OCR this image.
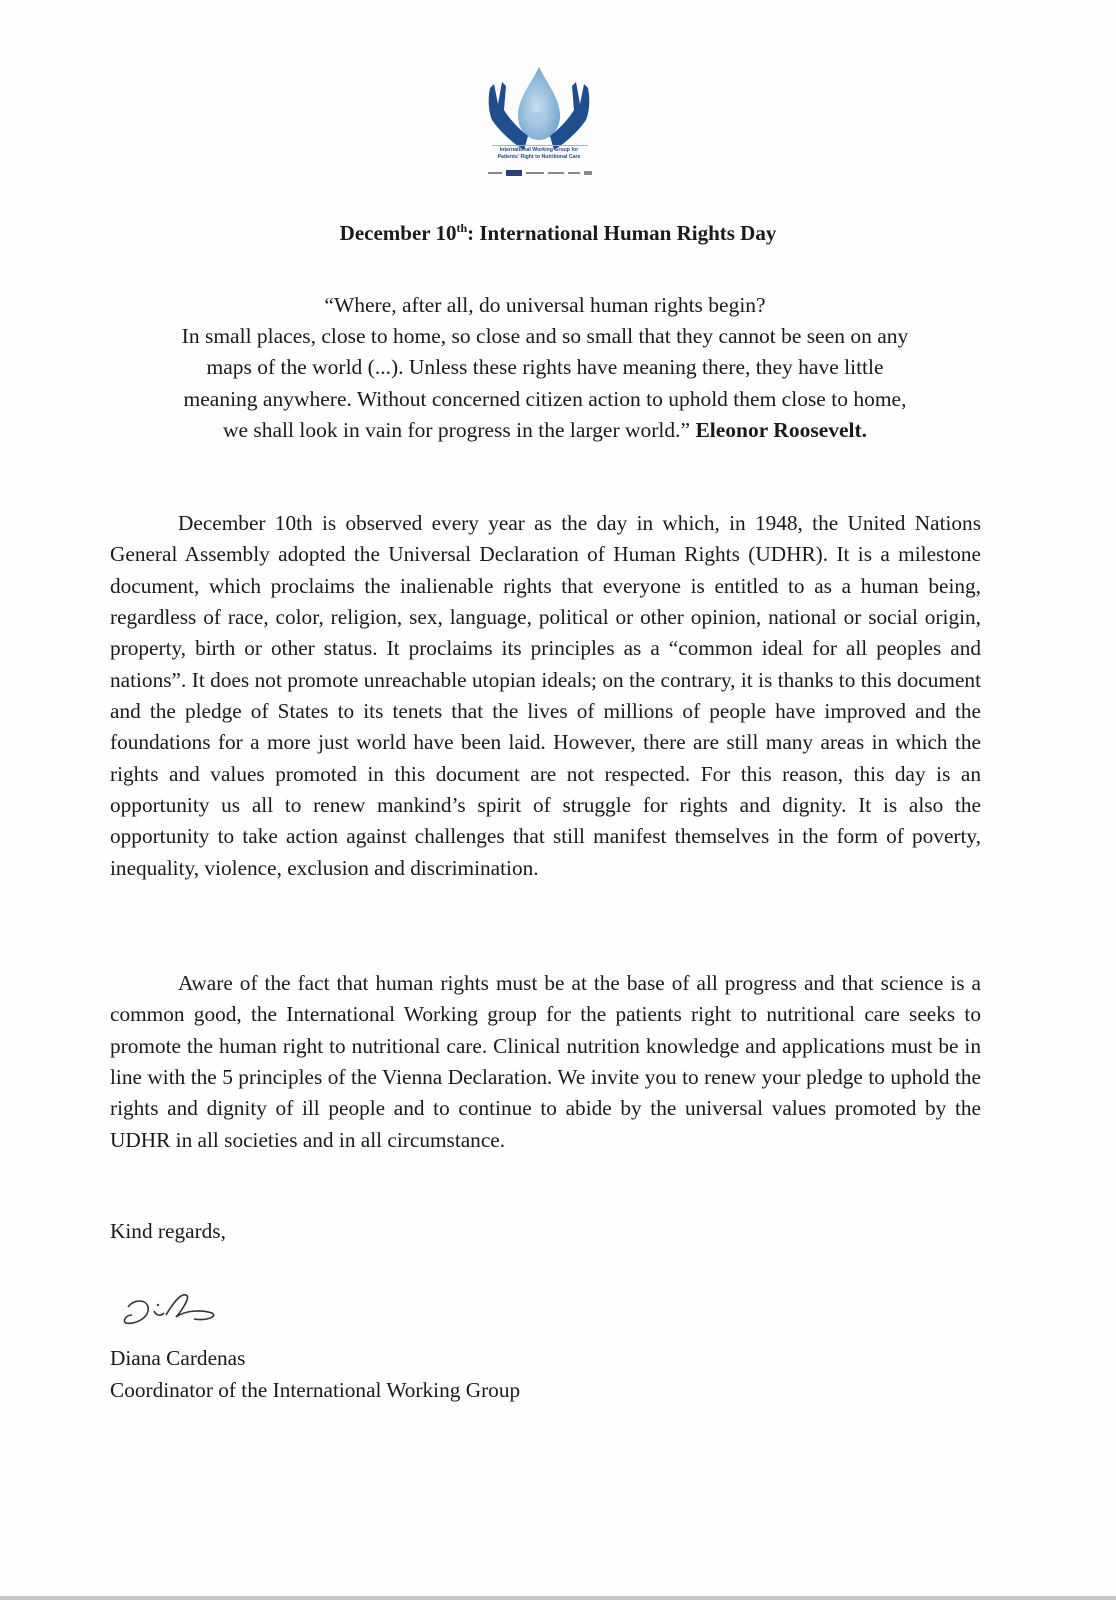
International Working Group for
Patients' Right to Nutritional Care
December 10th: International Human Rights Day
“Where, after all, do universal human rights begin?
In small places, close to home, so close and so small that they cannot be seen on any
maps of the world (...). Unless these rights have meaning there, they have little
meaning anywhere. Without concerned citizen action to uphold them close to home,
we shall look in vain for progress in the larger world.” Eleonor Roosevelt.

December 10th is observed every year as the day in which, in 1948, the United Nations General Assembly adopted the Universal Declaration of Human Rights (UDHR). It is a milestone document, which proclaims the inalienable rights that everyone is entitled to as a human being, regardless of race, color, religion, sex, language, political or other opinion, national or social origin, property, birth or other status. It proclaims its principles as a “common ideal for all peoples and nations”. It does not promote unreachable utopian ideals; on the contrary, it is thanks to this document and the pledge of States to its tenets that the lives of millions of people have improved and the foundations for a more just world have been laid. However, there are still many areas in which the rights and values promoted in this document are not respected. For this reason, this day is an opportunity us all to renew mankind’s spirit of struggle for rights and dignity. It is also the opportunity to take action against challenges that still manifest themselves in the form of poverty, inequality, violence, exclusion and discrimination.

Aware of the fact that human rights must be at the base of all progress and that science is a common good, the International Working group for the patients right to nutritional care seeks to promote the human right to nutritional care. Clinical nutrition knowledge and applications must be in line with the 5 principles of the Vienna Declaration. We invite you to renew your pledge to uphold the rights and dignity of ill people and to continue to abide by the universal values promoted by the UDHR in all societies and in all circumstance.

Kind regards,
Diana Cardenas
Coordinator of the International Working Group
